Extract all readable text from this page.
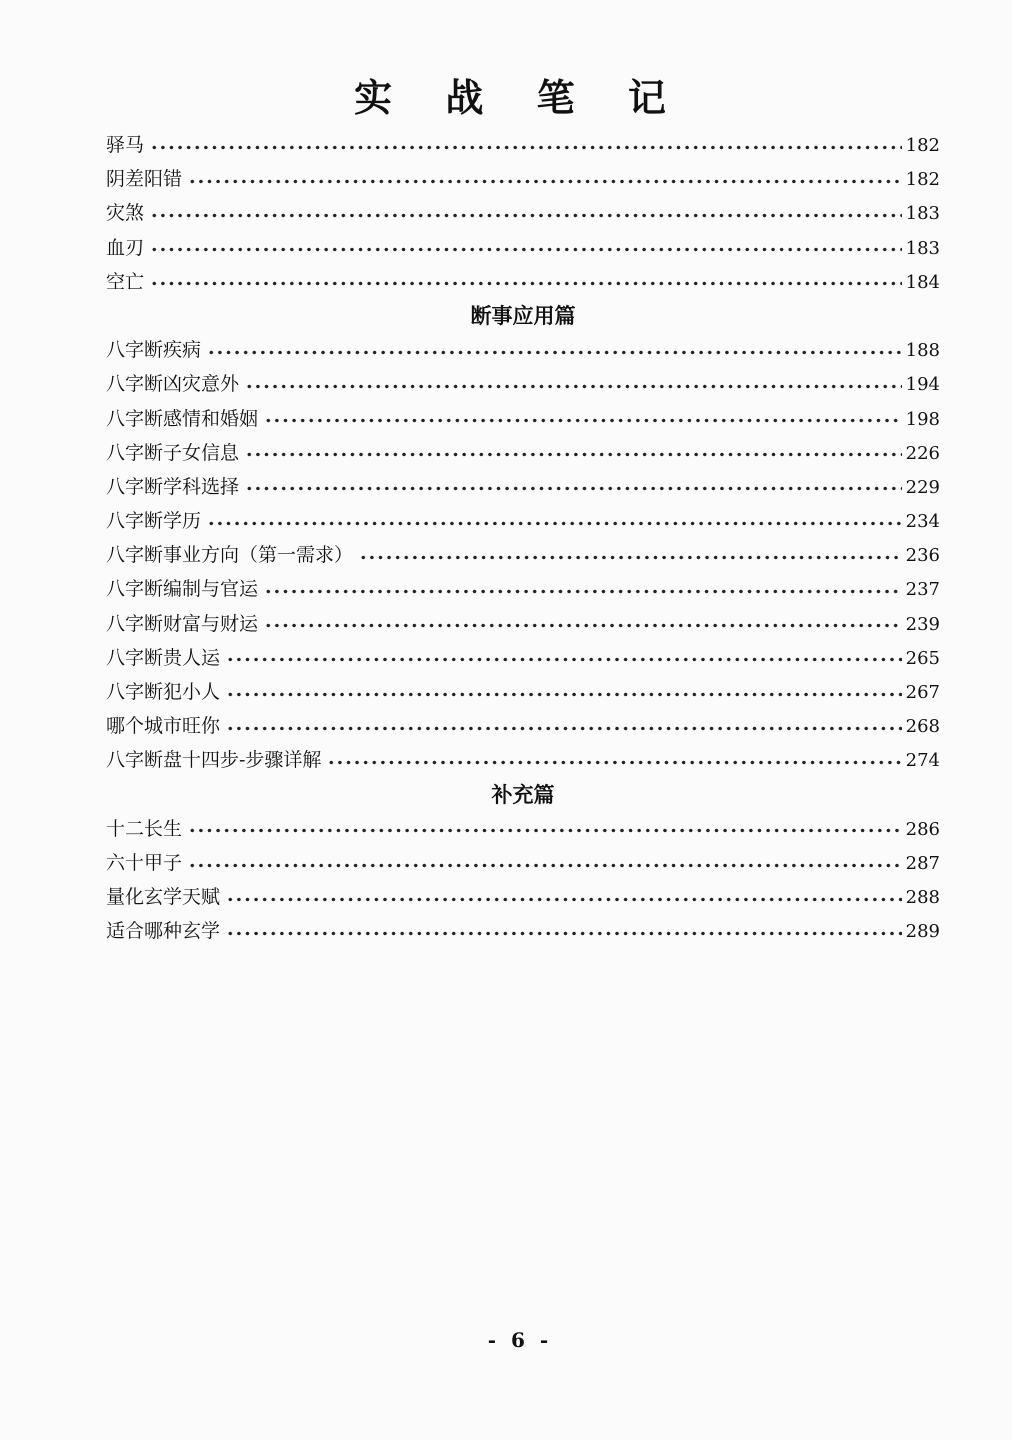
实 战 笔 记
驿马	182
阴差阳错	182
灾煞	183
血刃	183
空亡	184
断事应用篇
八字断疾病	188
八字断凶灾意外	194
八字断感情和婚姻	198
八字断子女信息	226
八字断学科选择	229
八字断学历	234
八字断事业方向（第一需求）	236
八字断编制与官运	237
八字断财富与财运	239
八字断贵人运	265
八字断犯小人	267
哪个城市旺你	268
八字断盘十四步-步骤详解	274
补充篇
十二长生	286
六十甲子	287
量化玄学天赋	288
适合哪种玄学	289
- 6 -
